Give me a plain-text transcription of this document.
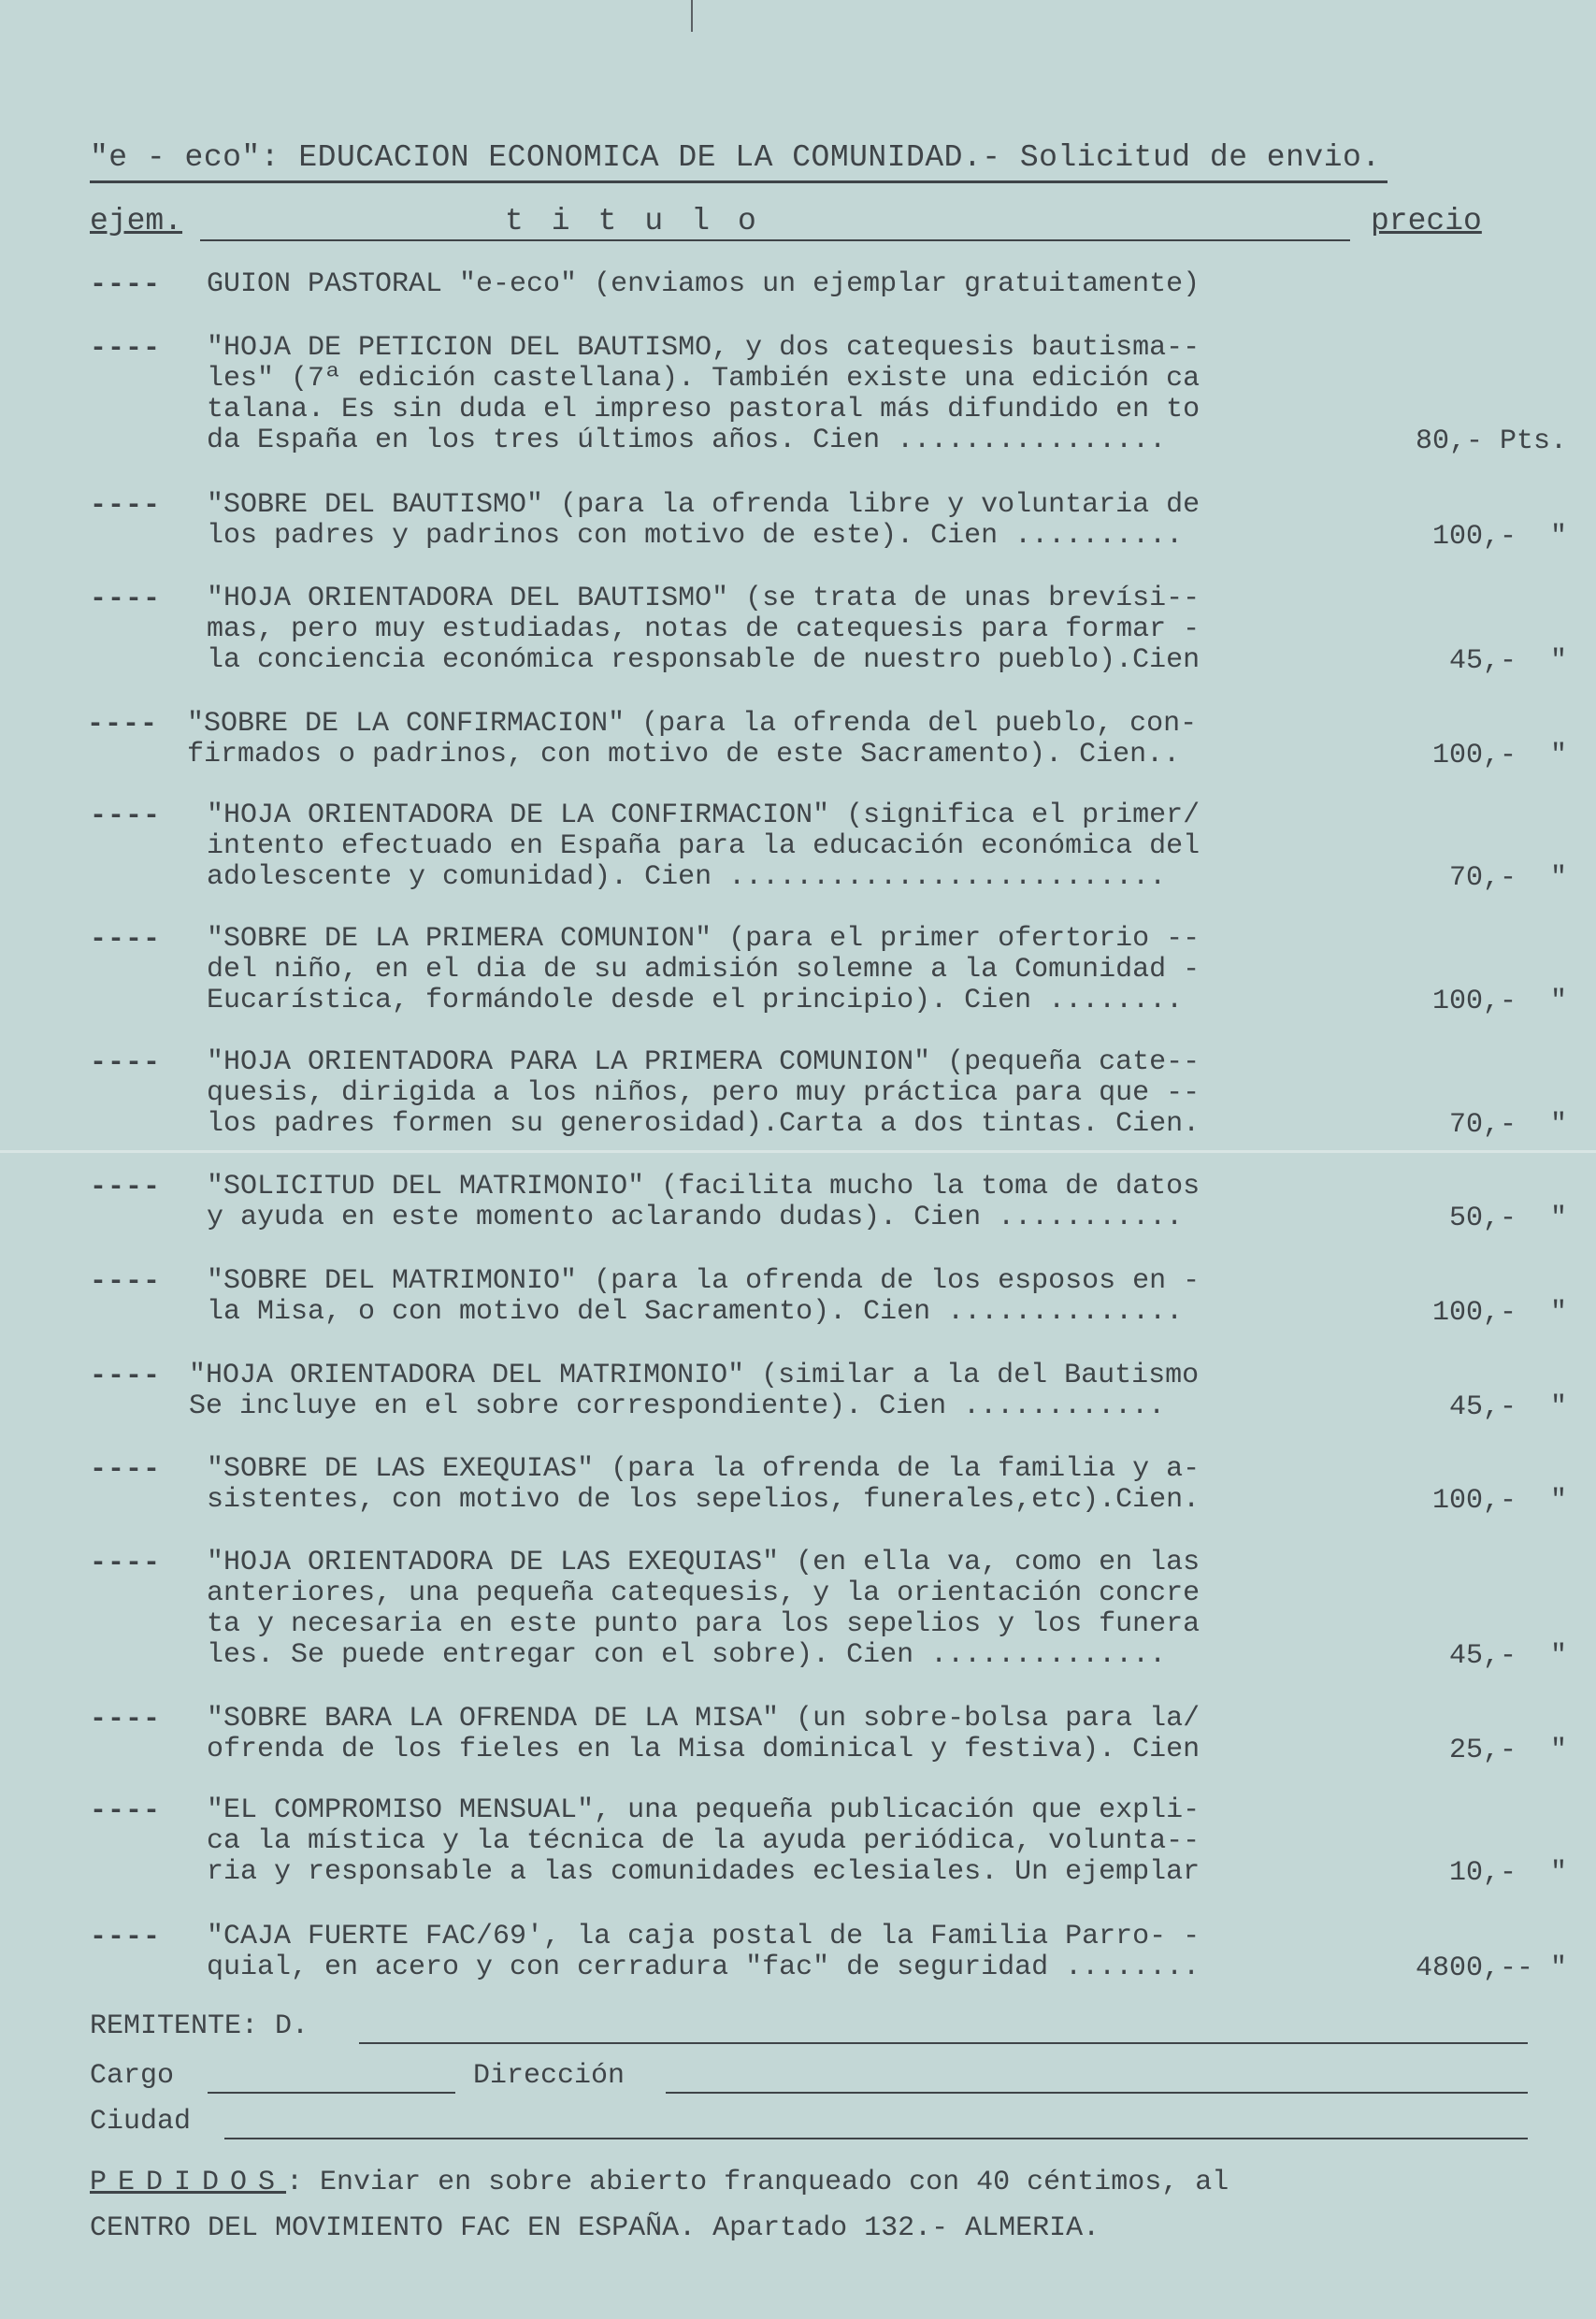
"e - eco": EDUCACION ECONOMICA DE LA COMUNIDAD.- Solicitud de envio.
ejem.	titulo	precio
---- GUION PASTORAL "e-eco" (enviamos un ejemplar gratuitamente)
---- "HOJA DE PETICION DEL BAUTISMO, y dos catequesis bautisma--
les" (7ª edición castellana). También existe una edición ca
talana. Es sin duda el impreso pastoral más difundido en to
da España en los tres últimos años. Cien ................	80,- Pts.
---- "SOBRE DEL BAUTISMO" (para la ofrenda libre y voluntaria de
los padres y padrinos con motivo de este). Cien ..........	100,-  "
---- "HOJA ORIENTADORA DEL BAUTISMO" (se trata de unas brevísi--
mas, pero muy estudiadas, notas de catequesis para formar -
la conciencia económica responsable de nuestro pueblo).Cien	45,-  "
---- "SOBRE DE LA CONFIRMACION" (para la ofrenda del pueblo, con-
firmados o padrinos, con motivo de este Sacramento). Cien..	100,-  "
---- "HOJA ORIENTADORA DE LA CONFIRMACION" (significa el primer/
intento efectuado en España para la educación económica del
adolescente y comunidad). Cien ..........................	70,-  "
---- "SOBRE DE LA PRIMERA COMUNION" (para el primer ofertorio --
del niño, en el dia de su admisión solemne a la Comunidad -
Eucarística, formándole desde el principio). Cien ........	100,-  "
---- "HOJA ORIENTADORA PARA LA PRIMERA COMUNION" (pequeña cate--
quesis, dirigida a los niños, pero muy práctica para que --
los padres formen su generosidad).Carta a dos tintas. Cien.	70,-  "
---- "SOLICITUD DEL MATRIMONIO" (facilita mucho la toma de datos
y ayuda en este momento aclarando dudas). Cien ...........	50,-  "
---- "SOBRE DEL MATRIMONIO" (para la ofrenda de los esposos en -
la Misa, o con motivo del Sacramento). Cien ..............	100,-  "
---- "HOJA ORIENTADORA DEL MATRIMONIO" (similar a la del Bautismo
Se incluye en el sobre correspondiente). Cien ............	45,-  "
---- "SOBRE DE LAS EXEQUIAS" (para la ofrenda de la familia y a-
sistentes, con motivo de los sepelios, funerales,etc).Cien.	100,-  "
---- "HOJA ORIENTADORA DE LAS EXEQUIAS" (en ella va, como en las
anteriores, una pequeña catequesis, y la orientación concre
ta y necesaria en este punto para los sepelios y los funera
les. Se puede entregar con el sobre). Cien ..............	45,-  "
---- "SOBRE BARA LA OFRENDA DE LA MISA" (un sobre-bolsa para la/
ofrenda de los fieles en la Misa dominical y festiva). Cien	25,-  "
---- "EL COMPROMISO MENSUAL", una pequeña publicación que expli-
ca la mística y la técnica de la ayuda periódica, volunta--
ria y responsable a las comunidades eclesiales. Un ejemplar	10,-  "
---- "CAJA FUERTE FAC/69', la caja postal de la Familia Parro- -
quial, en acero y con cerradura "fac" de seguridad ........	4800,-- "
REMITENTE: D.
Cargo	Dirección
Ciudad
PEDIDOS: Enviar en sobre abierto franqueado con 40 céntimos, al
CENTRO DEL MOVIMIENTO FAC EN ESPAÑA. Apartado 132.- ALMERIA.
